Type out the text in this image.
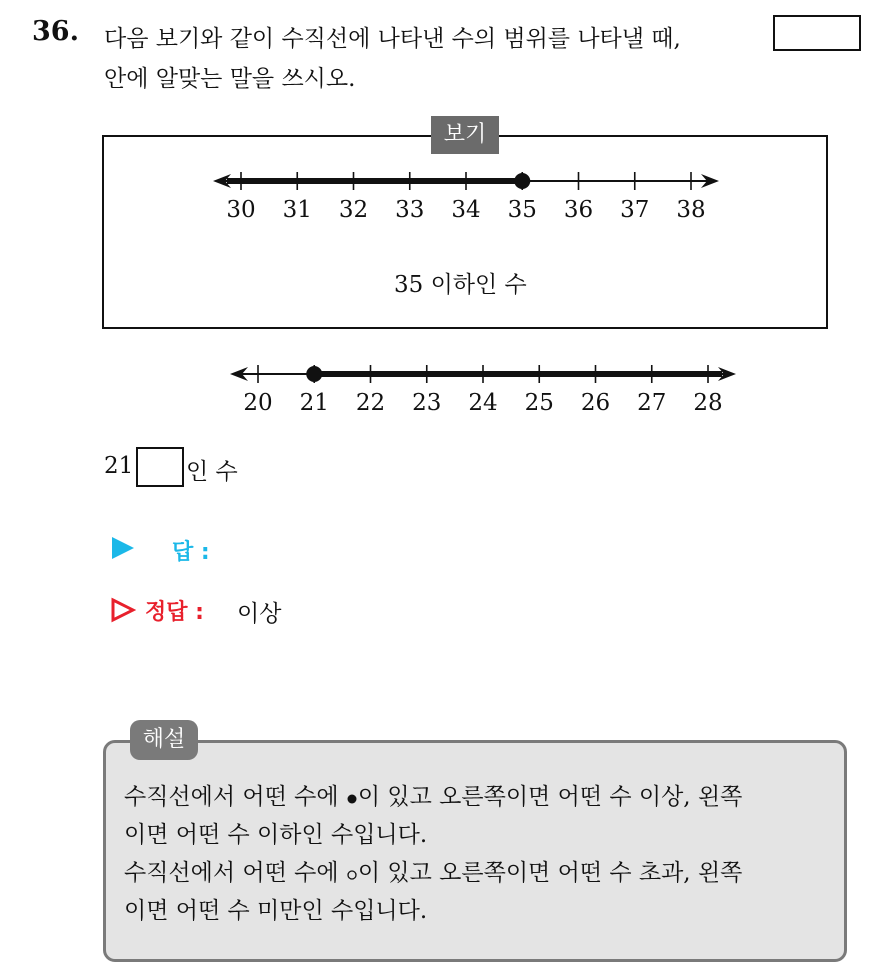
36. 다음 보기와 같이 수직선에 나타낸 수의 범위를 나타낼 때,
안에 알맞는 말을 쓰시오.
보기
30 31 32 33 34 35 36 37 38
20 21 22 23 24 25 26 27 28
35 이하인 수
21 인 수
답 :
정답 : 이상
해설
수직선에서 어떤 수에 이 있고 오른쪽이면 어떤 수 이상, 왼쪽
이면 어떤 수 이하인 수입니다.
수직선에서 어떤 수에 이 있고 오른쪽이면 어떤 수 초과, 왼쪽
이면 어떤 수 미만인 수입니다.
